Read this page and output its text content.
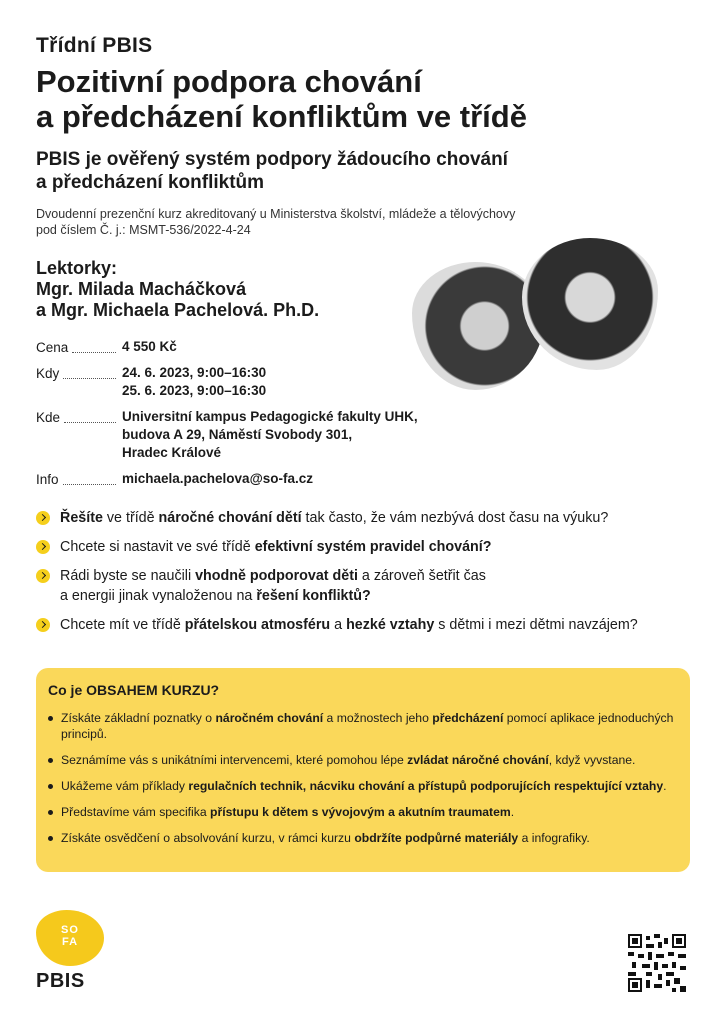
Třídní PBIS
Pozitivní podpora chování
a předcházení konfliktům ve třídě
PBIS je ověřený systém podpory žádoucího chování
a předcházení konfliktům
Dvoudenní prezenční kurz akreditovaný u Ministerstva školství, mládeže a tělovýchovy
pod číslem Č. j.: MSMT-536/2022-4-24
Lektorky:
Mgr. Milada Macháčková
a Mgr. Michaela Pachelová. Ph.D.
Cena	4 550 Kč
Kdy	24. 6. 2023, 9:00–16:30
25. 6. 2023, 9:00–16:30
Kde	Universitní kampus Pedagogické fakulty UHK,
budova A 29, Náměstí Svobody 301,
Hradec Králové
Info	michaela.pachelova@so-fa.cz
Řešíte ve třídě náročné chování dětí tak často, že vám nezbývá dost času na výuku?
Chcete si nastavit ve své třídě efektivní systém pravidel chování?
Rádi byste se naučili vhodně podporovat děti a zároveň šetřit čas
a energii jinak vynaloženou na řešení konfliktů?
Chcete mít ve třídě přátelskou atmosféru a hezké vztahy s dětmi i mezi dětmi navzájem?
Co je OBSAHEM KURZU?
Získáte základní poznatky o náročném chování a možnostech jeho předcházení pomocí aplikace jednoduchých principů.
Seznámíme vás s unikátními intervencemi, které pomohou lépe zvládat náročné chování, když vyvstane.
Ukážeme vám příklady regulačních technik, nácviku chování a přístupů podporujících respektující vztahy.
Představíme vám specifika přístupu k dětem s vývojovým a akutním traumatem.
Získáte osvědčení o absolvování kurzu, v rámci kurzu obdržíte podpůrné materiály a infografiky.
SO
FA
PBIS
